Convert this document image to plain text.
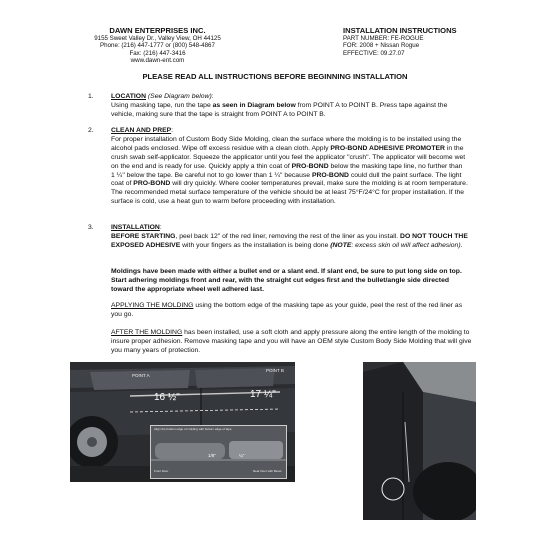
DAWN ENTERPRISES INC.
9155 Sweet Valley Dr., Valley View, OH 44125
Phone: (216) 447-1777 or (800) 548-4867
Fax: (216) 447-3416
www.dawn-ent.com
INSTALLATION INSTRUCTIONS
PART NUMBER: FE-ROGUE
FOR: 2008 + Nissan Rogue
EFFECTIVE: 09.27.07
PLEASE READ ALL INSTRUCTIONS BEFORE BEGINNING INSTALLATION
1.	LOCATION (See Diagram below):
Using masking tape, run the tape as seen in Diagram below from POINT A to POINT B. Press tape against the vehicle, making sure that the tape is straight from POINT A to POINT B.
2.	CLEAN AND PREP:
For proper installation of Custom Body Side Molding, clean the surface where the molding is to be installed using the alcohol pads enclosed. Wipe off excess residue with a clean cloth. Apply PRO-BOND ADHESIVE PROMOTER in the crush swab self-applicator. Squeeze the applicator until you feel the applicator "crush". The applicator will become wet on the end and is ready for use. Quickly apply a thin coat of PRO-BOND below the masking tape line, no further than 1 ¼" below the tape. Be careful not to go lower than 1 ¼" because PRO-BOND could dull the paint surface. The light coat of PRO-BOND will dry quickly. Where cooler temperatures prevail, make sure the molding is at room temperature. The recommended metal surface temperature of the vehicle should be at least 75°F/24°C for proper installation. If the surface is cold, use a heat gun to warm before proceeding with installation.
3.	INSTALLATION:
BEFORE STARTING, peel back 12" of the red liner, removing the rest of the liner as you install. DO NOT TOUCH THE EXPOSED ADHESIVE with your fingers as the installation is being done (NOTE: excess skin oil will affect adhesion).
Moldings have been made with either a bullet end or a slant end. If slant end, be sure to put long side on top. Start adhering moldings front and rear, with the straight cut edges first and the bullet/angle side directed toward the appropriate wheel well adhered last.
APPLYING THE MOLDING using the bottom edge of the masking tape as your guide, peel the rest of the red liner as you go.
AFTER THE MOLDING has been installed, use a soft cloth and apply pressure along the entire length of the molding to insure proper adhesion. Remove masking tape and you will have an OEM style Custom Body Side Molding that will give you many years of protection.
POINT A
POINT B
16 ½"	17 ¼"
Align the bottom edge of molding with bottom edge of tape
1/8"	¼"
Front Door	Rear Door with Bevel
